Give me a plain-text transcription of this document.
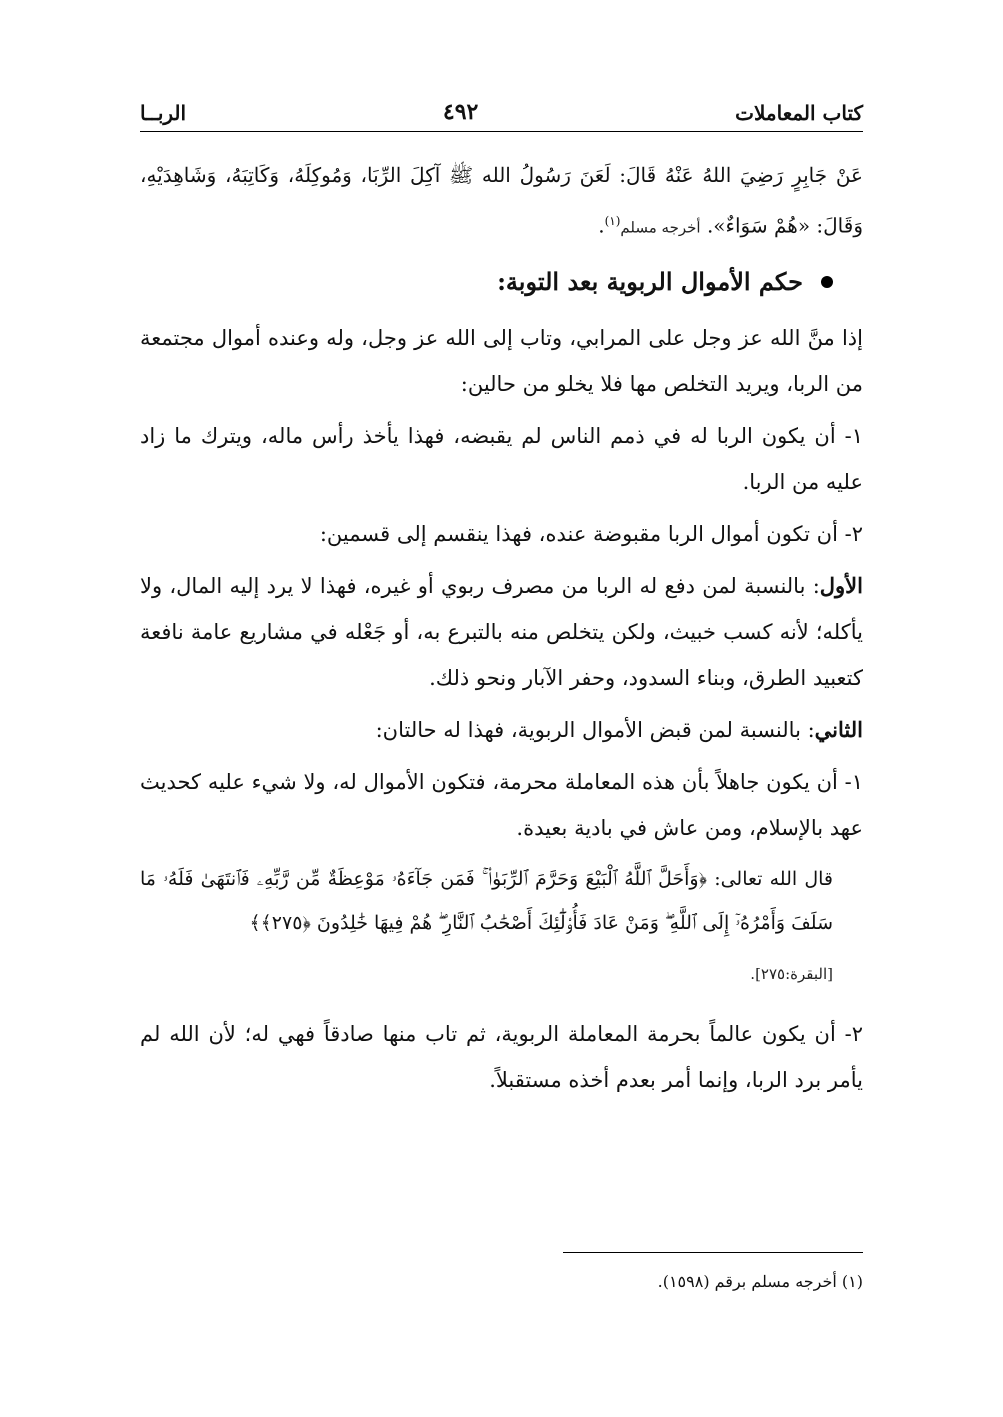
كتاب المعاملات
٤٩٢
الربــا

عَنْ جَابِرٍ رَضِيَ اللهُ عَنْهُ قَالَ: لَعَنَ رَسُولُ الله ﷺ آكِلَ الرِّبَا، وَمُوكِلَهُ، وَكَاتِبَهُ، وَشَاهِدَيْهِ، وَقَالَ: «هُمْ سَوَاءٌ». أخرجه مسلم$^{(١)}$.

حكم الأموال الربوية بعد التوبة:

إذا منَّ الله عز وجل على المرابي، وتاب إلى الله عز وجل، وله وعنده أموال مجتمعة من الربا، ويريد التخلص مها فلا يخلو من حالين:

١- أن يكون الربا له في ذمم الناس لم يقبضه، فهذا يأخذ رأس ماله، ويترك ما زاد عليه من الربا.

٢- أن تكون أموال الربا مقبوضة عنده، فهذا ينقسم إلى قسمين:

الأول: بالنسبة لمن دفع له الربا من مصرف ربوي أو غيره، فهذا لا يرد إليه المال، ولا يأكله؛ لأنه كسب خبيث، ولكن يتخلص منه بالتبرع به، أو جَعْله في مشاريع عامة نافعة كتعبيد الطرق، وبناء السدود، وحفر الآبار ونحو ذلك.

الثاني: بالنسبة لمن قبض الأموال الربوية، فهذا له حالتان:

١- أن يكون جاهلاً بأن هذه المعاملة محرمة، فتكون الأموال له، ولا شيء عليه كحديث عهد بالإسلام، ومن عاش في بادية بعيدة.

قال الله تعالى: ﴿وَأَحَلَّ ٱللَّهُ ٱلْبَيْعَ وَحَرَّمَ ٱلرِّبَوٰا۟ ۚ فَمَن جَآءَهُۥ مَوْعِظَةٌ مِّن رَّبِّهِۦ فَٱنتَهَىٰ فَلَهُۥ مَا سَلَفَ وَأَمْرُهُۥٓ إِلَى ٱللَّهِ ۖ وَمَنْ عَادَ فَأُو۟لَٰٓئِكَ أَصْحَٰبُ ٱلنَّارِ ۖ هُمْ فِيهَا خَٰلِدُونَ ﴿٢٧٥﴾﴾

[البقرة:٢٧٥].

٢- أن يكون عالماً بحرمة المعاملة الربوية، ثم تاب منها صادقاً فهي له؛ لأن الله لم يأمر برد الربا، وإنما أمر بعدم أخذه مستقبلاً.

(١) أخرجه مسلم برقم (١٥٩٨).
